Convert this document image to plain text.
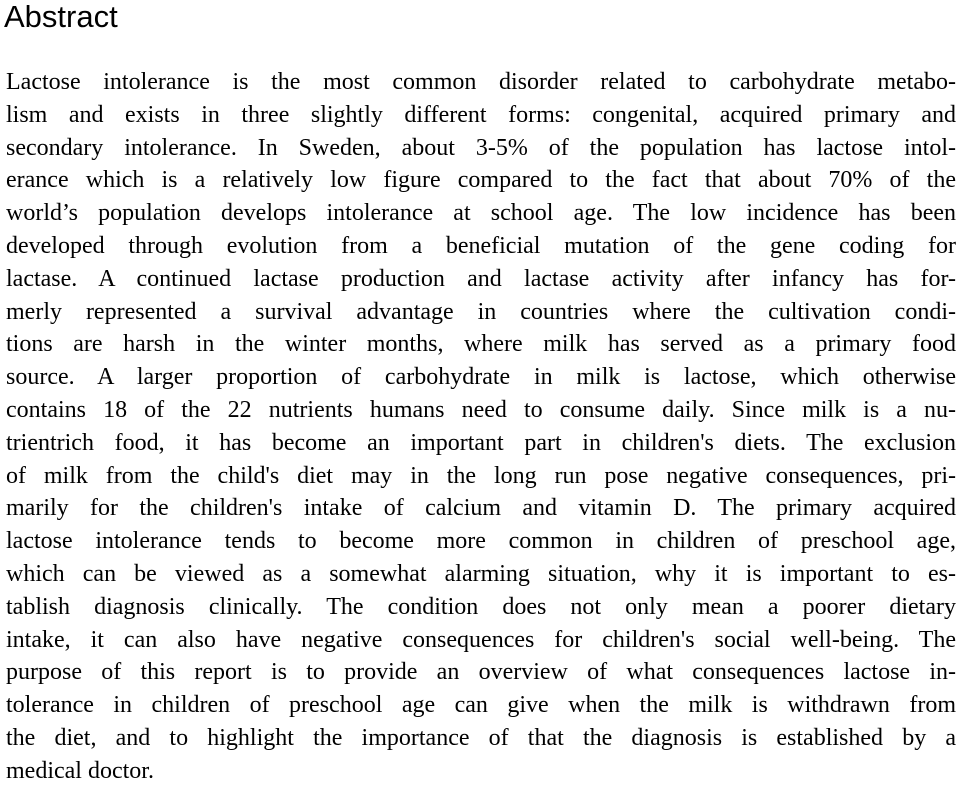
Abstract
Lactose intolerance is the most common disorder related to carbohydrate metabo-
lism and exists in three slightly different forms: congenital, acquired primary and
secondary intolerance. In Sweden, about 3-5% of the population has lactose intol-
erance which is a relatively low figure compared to the fact that about 70% of the
world’s population develops intolerance at school age. The low incidence has been
developed through evolution from a beneficial mutation of the gene coding for
lactase. A continued lactase production and lactase activity after infancy has for-
merly represented a survival advantage in countries where the cultivation condi-
tions are harsh in the winter months, where milk has served as a primary food
source. A larger proportion of carbohydrate in milk is lactose, which otherwise
contains 18 of the 22 nutrients humans need to consume daily. Since milk is a nu-
trientrich food, it has become an important part in children's diets. The exclusion
of milk from the child's diet may in the long run pose negative consequences, pri-
marily for the children's intake of calcium and vitamin D. The primary acquired
lactose intolerance tends to become more common in children of preschool age,
which can be viewed as a somewhat alarming situation, why it is important to es-
tablish diagnosis clinically. The condition does not only mean a poorer dietary
intake, it can also have negative consequences for children's social well-being. The
purpose of this report is to provide an overview of what consequences lactose in-
tolerance in children of preschool age can give when the milk is withdrawn from
the diet, and to highlight the importance of that the diagnosis is established by a
medical doctor.
